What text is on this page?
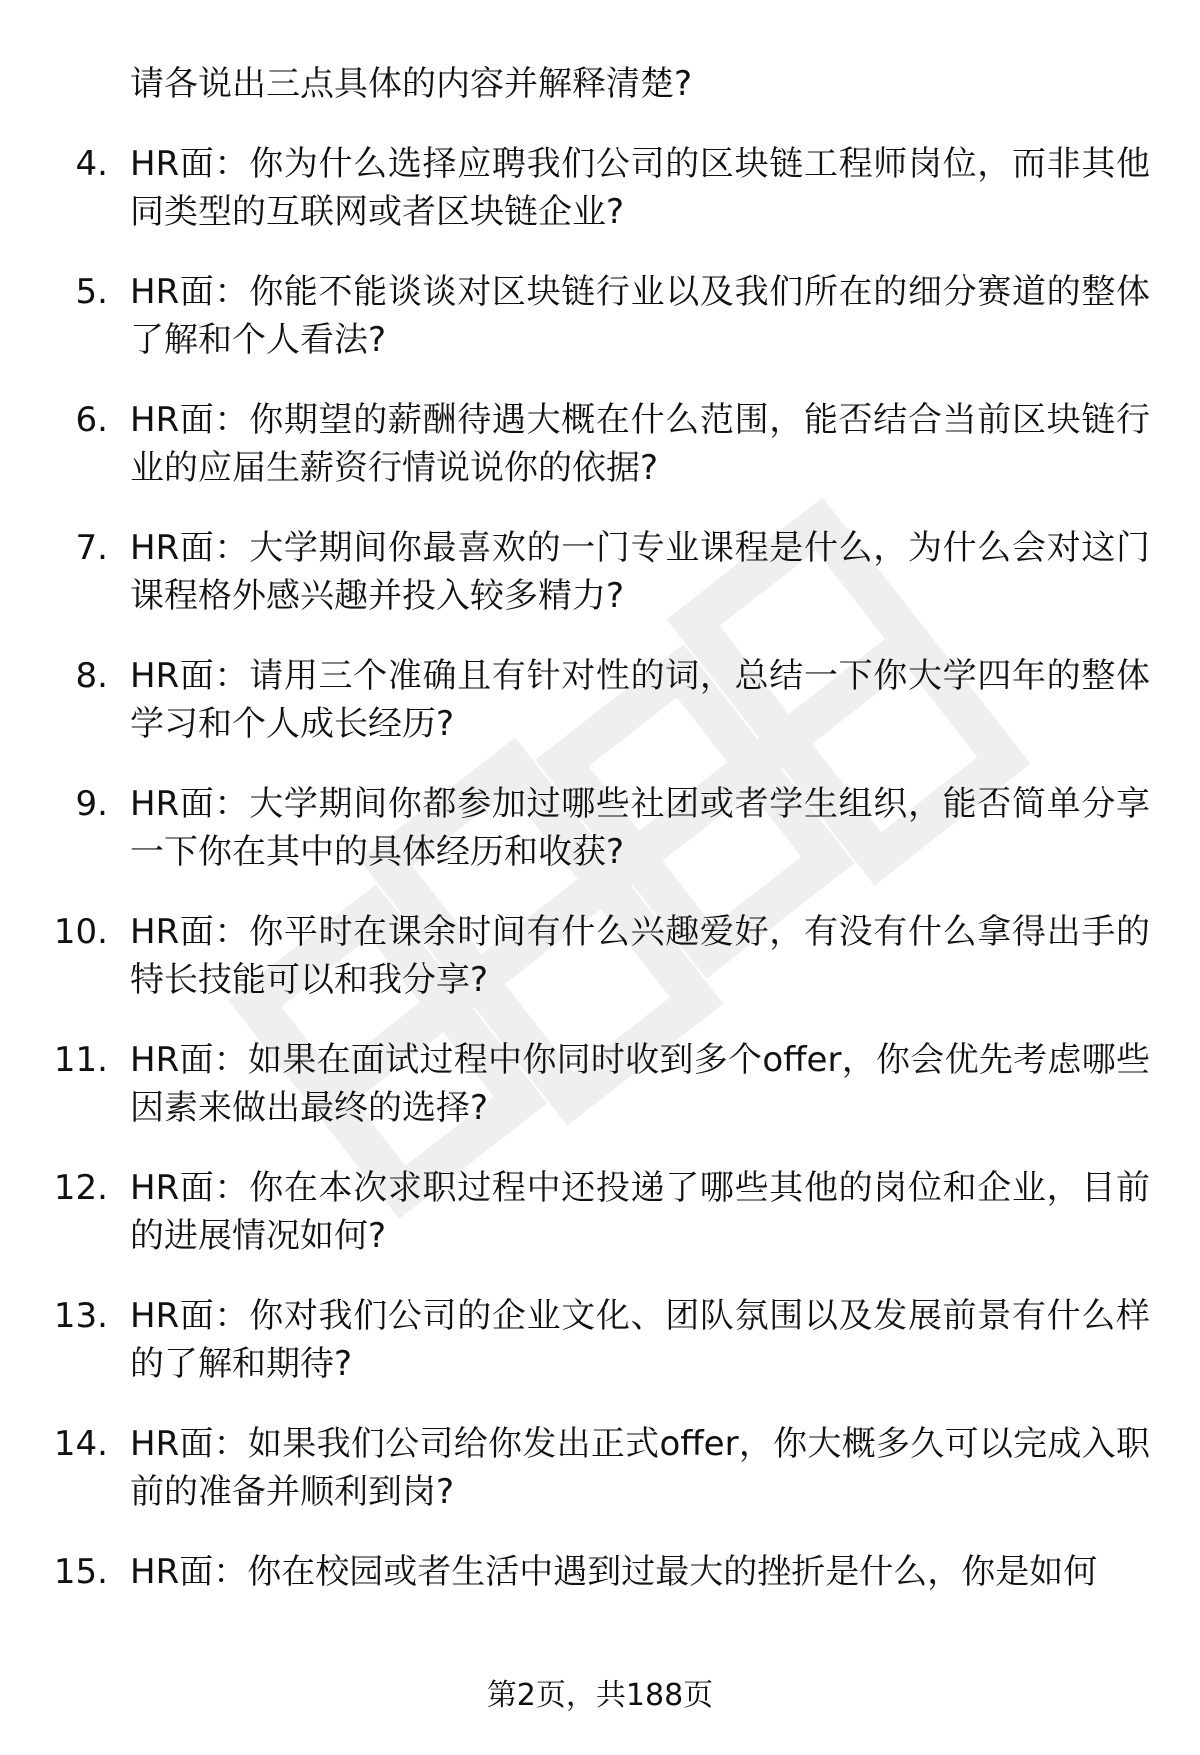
请各说出三点具体的内容并解释清楚?
4. HR面：你为什么选择应聘我们公司的区块链工程师岗位，而非其他同类型的互联网或者区块链企业?
5. HR面：你能不能谈谈对区块链行业以及我们所在的细分赛道的整体了解和个人看法?
6. HR面：你期望的薪酬待遇大概在什么范围，能否结合当前区块链行业的应届生薪资行情说说你的依据?
7. HR面：大学期间你最喜欢的一门专业课程是什么，为什么会对这门课程格外感兴趣并投入较多精力?
8. HR面：请用三个准确且有针对性的词，总结一下你大学四年的整体学习和个人成长经历?
9. HR面：大学期间你都参加过哪些社团或者学生组织，能否简单分享一下你在其中的具体经历和收获?
10. HR面：你平时在课余时间有什么兴趣爱好，有没有什么拿得出手的特长技能可以和我分享?
11. HR面：如果在面试过程中你同时收到多个offer，你会优先考虑哪些因素来做出最终的选择?
12. HR面：你在本次求职过程中还投递了哪些其他的岗位和企业，目前的进展情况如何?
13. HR面：你对我们公司的企业文化、团队氛围以及发展前景有什么样的了解和期待?
14. HR面：如果我们公司给你发出正式offer，你大概多久可以完成入职前的准备并顺利到岗?
15. HR面：你在校园或者生活中遇到过最大的挫折是什么，你是如何
第2页，共188页
